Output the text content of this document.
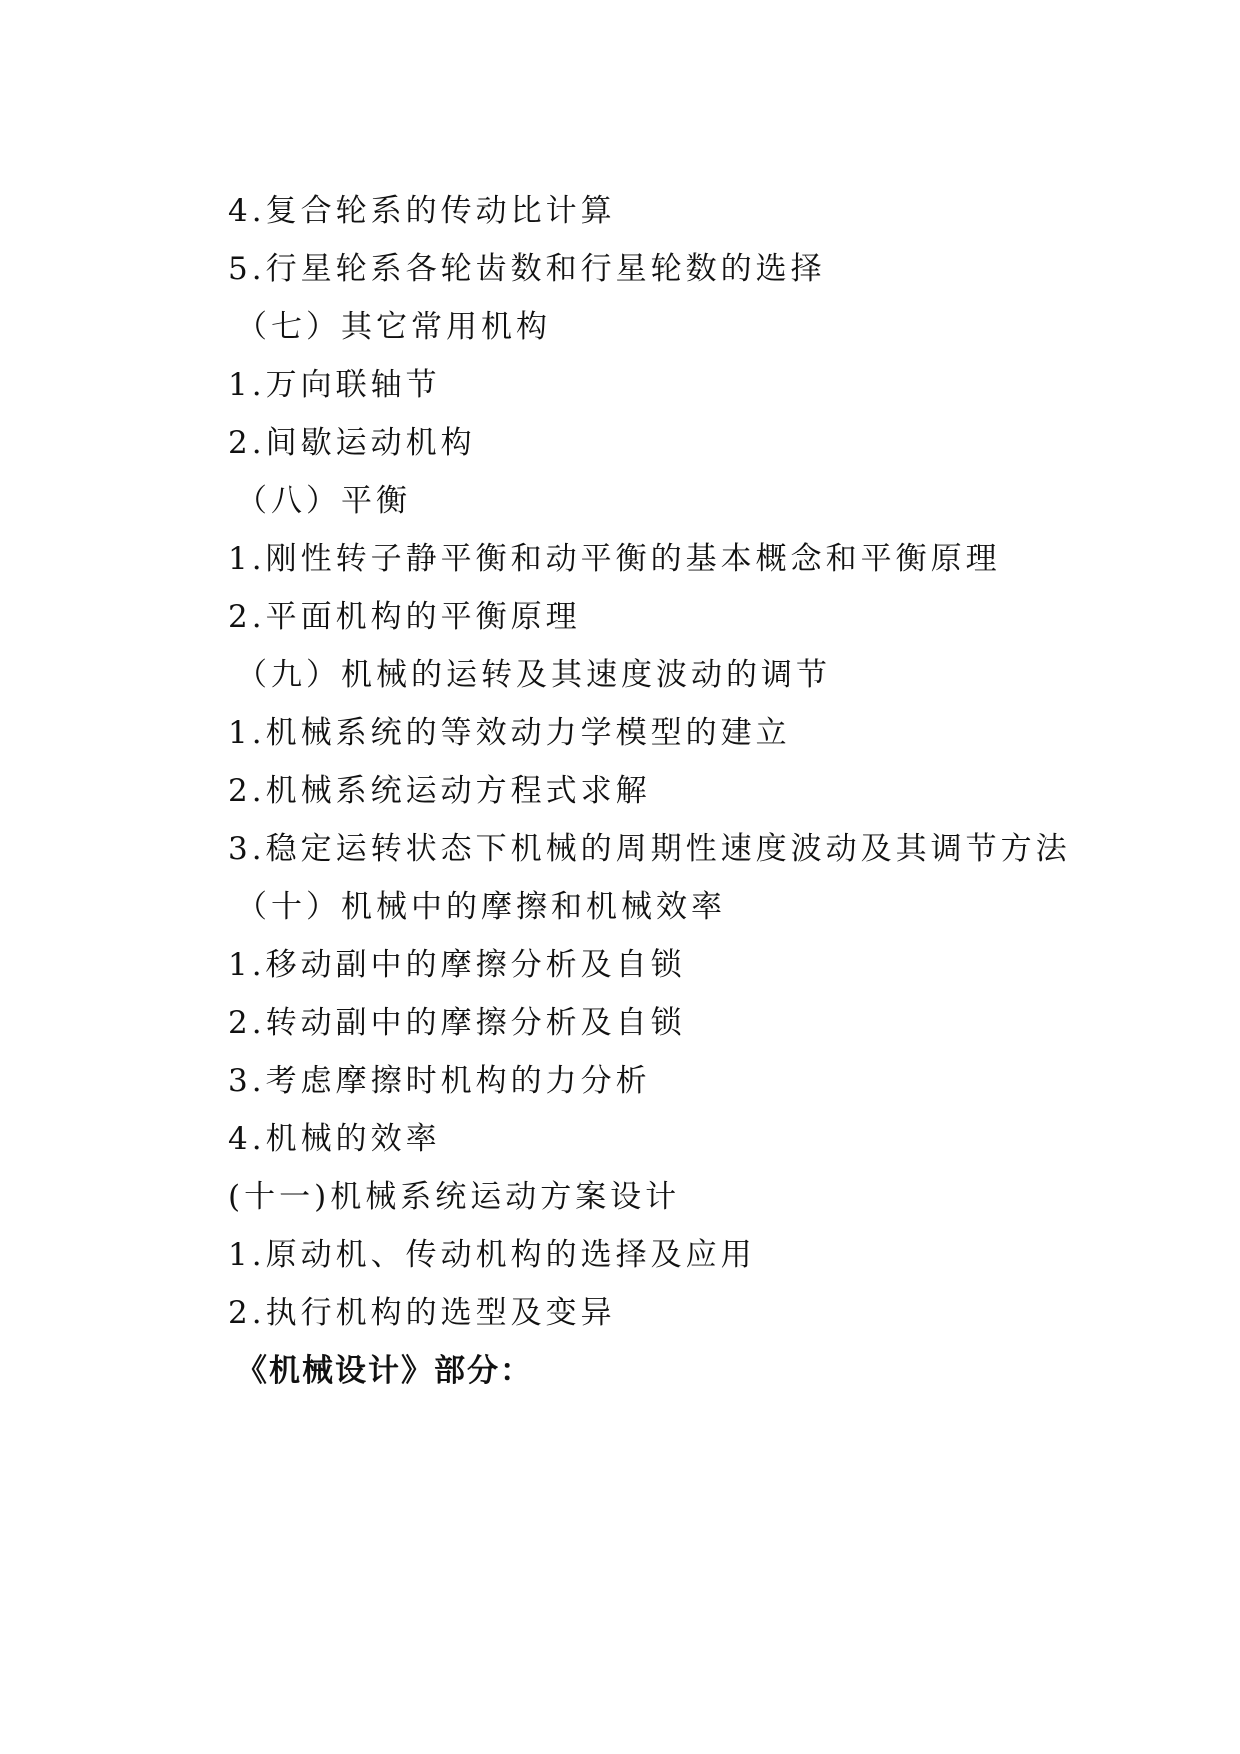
4.复合轮系的传动比计算
5.行星轮系各轮齿数和行星轮数的选择
（七）其它常用机构
1.万向联轴节
2.间歇运动机构
（八）平衡
1.刚性转子静平衡和动平衡的基本概念和平衡原理
2.平面机构的平衡原理
（九）机械的运转及其速度波动的调节
1.机械系统的等效动力学模型的建立
2.机械系统运动方程式求解
3.稳定运转状态下机械的周期性速度波动及其调节方法
（十）机械中的摩擦和机械效率
1.移动副中的摩擦分析及自锁
2.转动副中的摩擦分析及自锁
3.考虑摩擦时机构的力分析
4.机械的效率
(十一)机械系统运动方案设计
1.原动机、传动机构的选择及应用
2.执行机构的选型及变异
《机械设计》部分：
